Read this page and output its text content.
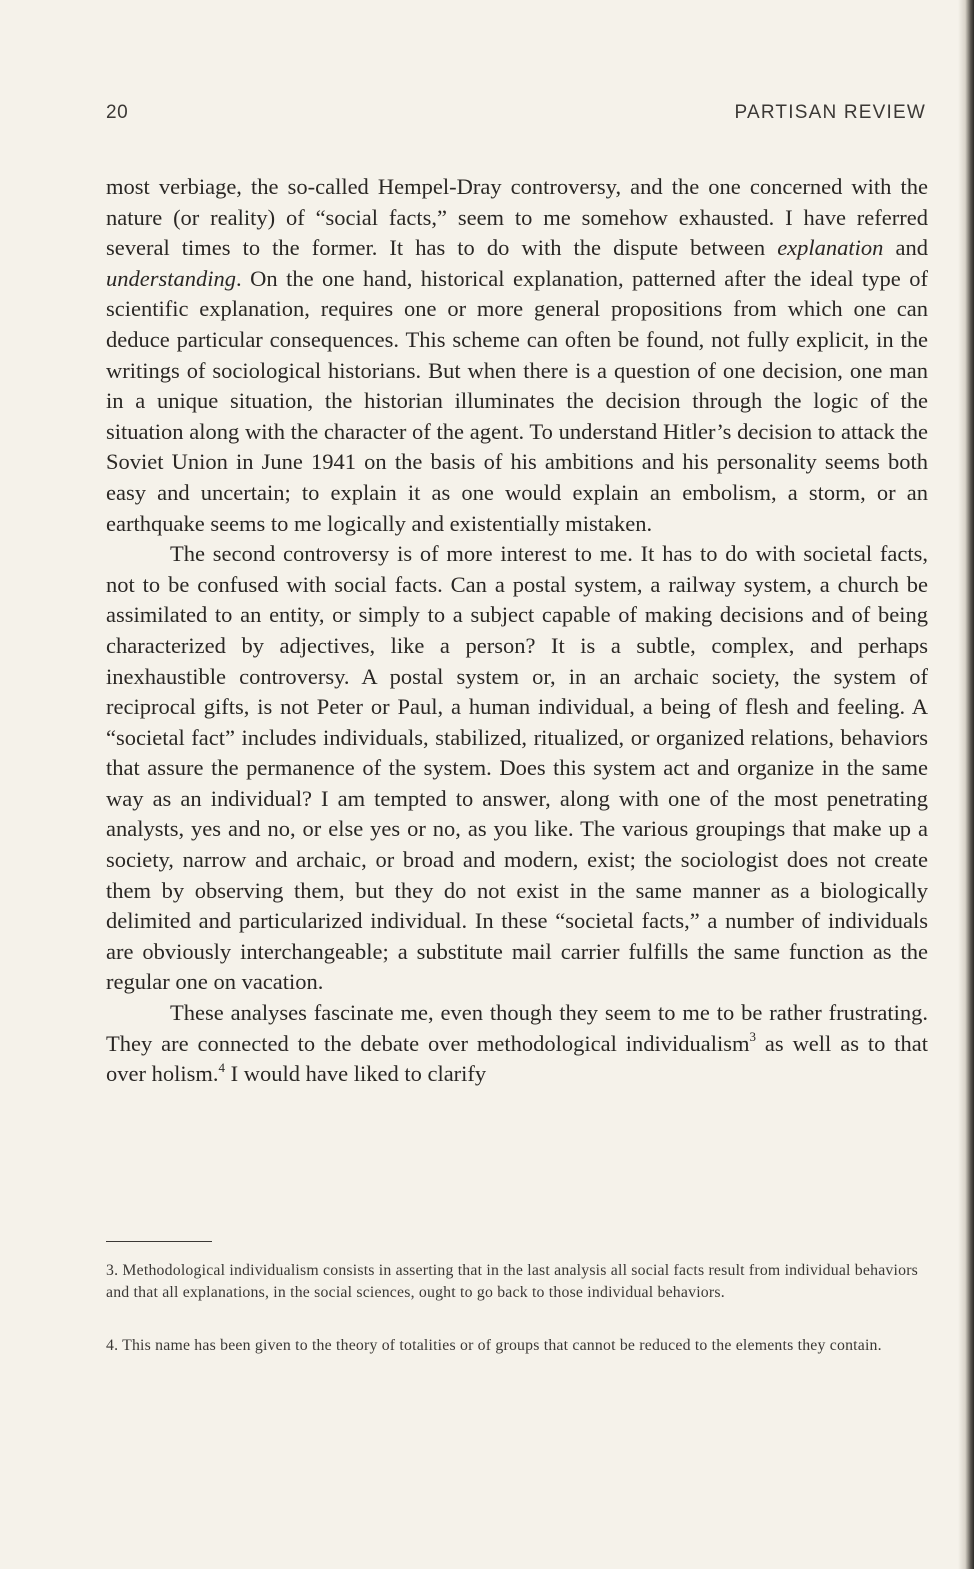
20	PARTISAN REVIEW

most verbiage, the so-called Hempel-Dray controversy, and the one concerned with the nature (or reality) of “social facts,” seem to me somehow exhausted. I have referred several times to the former. It has to do with the dispute between explanation and understanding. On the one hand, historical explanation, patterned after the ideal type of scientific explanation, requires one or more general propositions from which one can deduce particular consequences. This scheme can often be found, not fully explicit, in the writings of sociological historians. But when there is a question of one decision, one man in a unique situation, the historian illuminates the decision through the logic of the situation along with the character of the agent. To understand Hitler’s decision to attack the Soviet Union in June 1941 on the basis of his ambitions and his personality seems both easy and uncertain; to explain it as one would explain an embolism, a storm, or an earthquake seems to me logically and existentially mistaken.

The second controversy is of more interest to me. It has to do with societal facts, not to be confused with social facts. Can a postal system, a railway system, a church be assimilated to an entity, or simply to a subject capable of making decisions and of being characterized by adjectives, like a person? It is a subtle, complex, and perhaps inexhaustible controversy. A postal system or, in an archaic society, the system of reciprocal gifts, is not Peter or Paul, a human individual, a being of flesh and feeling. A “societal fact” includes individuals, stabilized, ritualized, or organized relations, behaviors that assure the permanence of the system. Does this system act and organize in the same way as an individual? I am tempted to answer, along with one of the most penetrating analysts, yes and no, or else yes or no, as you like. The various groupings that make up a society, narrow and archaic, or broad and modern, exist; the sociologist does not create them by observing them, but they do not exist in the same manner as a biologically delimited and particularized individual. In these “societal facts,” a number of individuals are obviously interchangeable; a substitute mail carrier fulfills the same function as the regular one on vacation.

These analyses fascinate me, even though they seem to me to be rather frustrating. They are connected to the debate over methodological individualism$^3$ as well as to that over holism.$^4$ I would have liked to clarify

3. Methodological individualism consists in asserting that in the last analysis all social facts result from individual behaviors and that all explanations, in the social sciences, ought to go back to those individual behaviors.

4. This name has been given to the theory of totalities or of groups that cannot be reduced to the elements they contain.
